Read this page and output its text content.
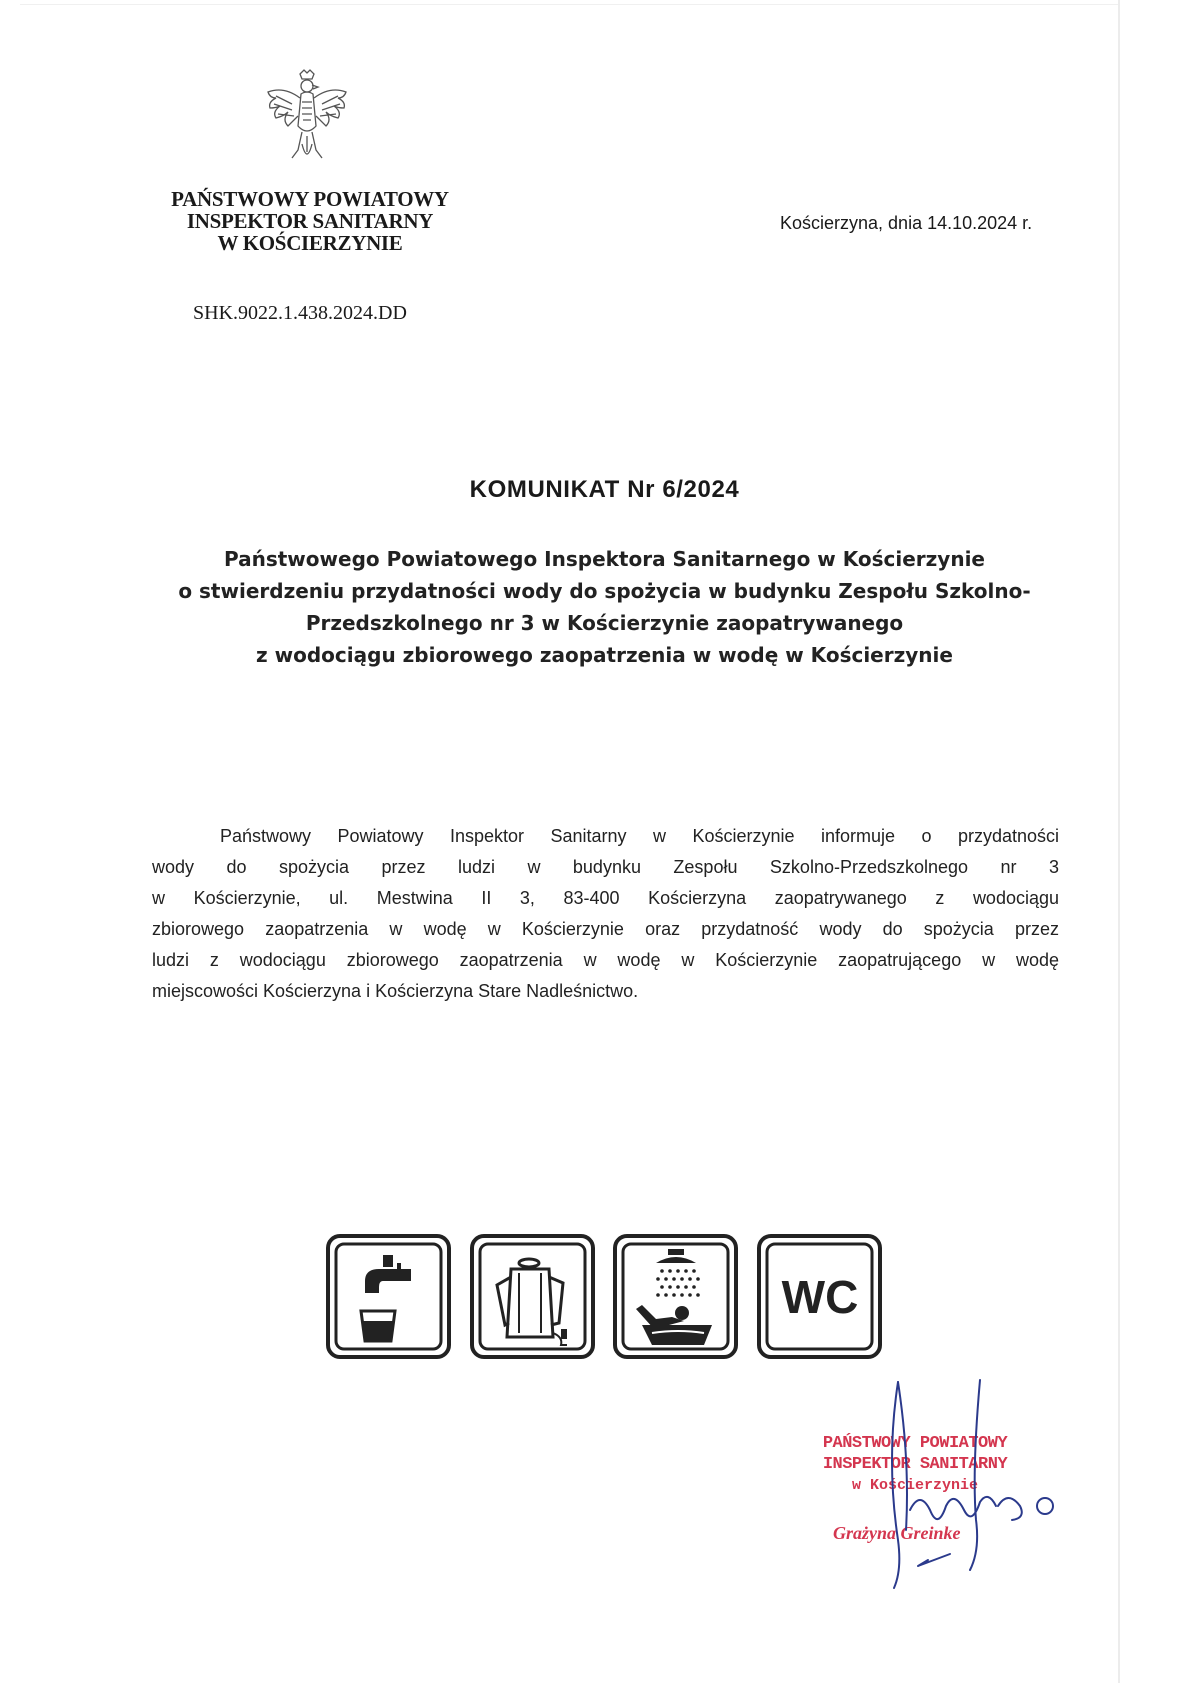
PAŃSTWOWY POWIATOWY
INSPEKTOR SANITARNY
W KOŚCIERZYNIE
Kościerzyna, dnia 14.10.2024 r.
SHK.9022.1.438.2024.DD
KOMUNIKAT Nr 6/2024
Państwowego Powiatowego Inspektora Sanitarnego w Kościerzynie
o stwierdzeniu przydatności wody do spożycia w budynku Zespołu Szkolno-
Przedszkolnego nr 3 w Kościerzynie zaopatrywanego
z wodociągu zbiorowego zaopatrzenia w wodę w Kościerzynie
Państwowy Powiatowy Inspektor Sanitarny w Kościerzynie informuje o przydatności
wody do spożycia przez ludzi w budynku Zespołu Szkolno-Przedszkolnego nr 3
w Kościerzynie, ul. Mestwina II 3, 83-400 Kościerzyna zaopatrywanego z wodociągu
zbiorowego zaopatrzenia w wodę w Kościerzynie oraz przydatność wody do spożycia przez
ludzi z wodociągu zbiorowego zaopatrzenia w wodę w Kościerzynie zaopatrującego w wodę
miejscowości Kościerzyna i Kościerzyna Stare Nadleśnictwo.
WC
PAŃSTWOWY POWIATOWY
INSPEKTOR SANITARNY
w Kościerzynie
Grażyna Greinke
